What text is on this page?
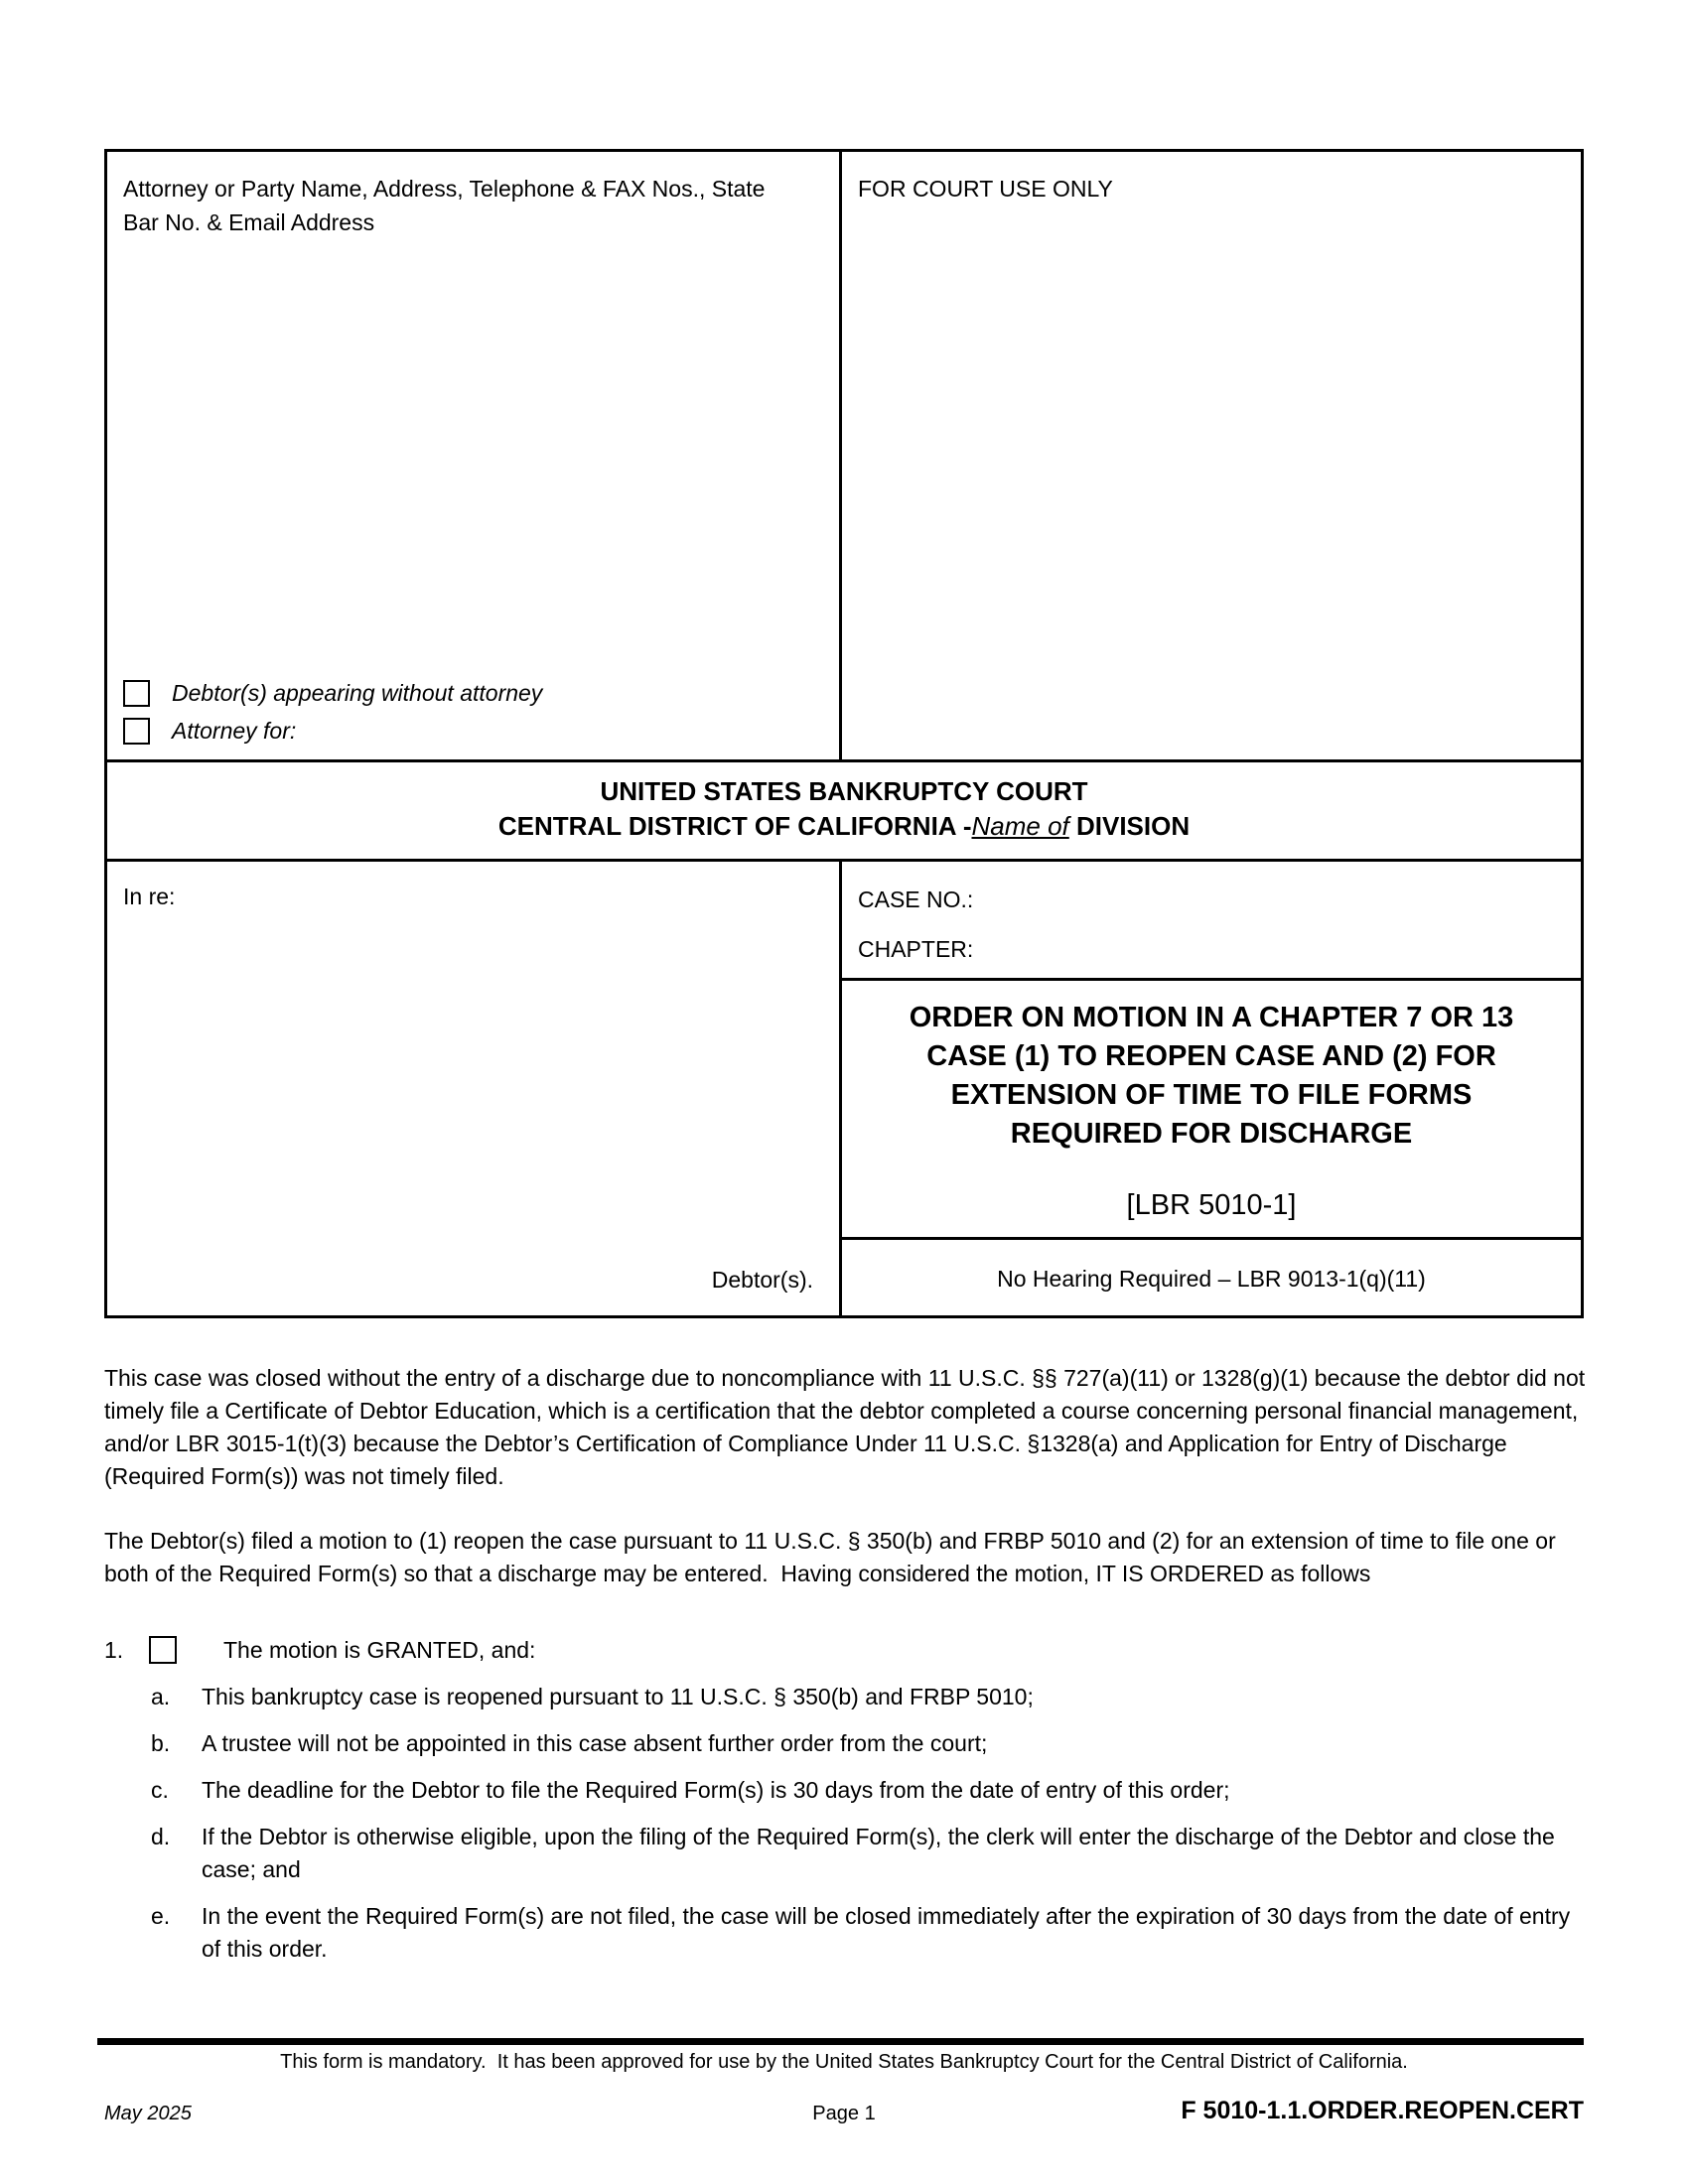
Attorney or Party Name, Address, Telephone & FAX Nos., State Bar No. & Email Address
Debtor(s) appearing without attorney
Attorney for:
FOR COURT USE ONLY
UNITED STATES BANKRUPTCY COURT
CENTRAL DISTRICT OF CALIFORNIA -Name of DIVISION
In re:
Debtor(s).
CASE NO.:
CHAPTER:
ORDER ON MOTION IN A CHAPTER 7 OR 13
CASE (1) TO REOPEN CASE AND (2) FOR
EXTENSION OF TIME TO FILE FORMS
REQUIRED FOR DISCHARGE
[LBR 5010-1]
No Hearing Required – LBR 9013-1(q)(11)
This case was closed without the entry of a discharge due to noncompliance with 11 U.S.C. §§ 727(a)(11) or 1328(g)(1) because the debtor did not timely file a Certificate of Debtor Education, which is a certification that the debtor completed a course concerning personal financial management, and/or LBR 3015-1(t)(3) because the Debtor’s Certification of Compliance Under 11 U.S.C. §1328(a) and Application for Entry of Discharge (Required Form(s)) was not timely filed.
The Debtor(s) filed a motion to (1) reopen the case pursuant to 11 U.S.C. § 350(b) and FRBP 5010 and (2) for an extension of time to file one or both of the Required Form(s) so that a discharge may be entered.  Having considered the motion, IT IS ORDERED as follows
1.	The motion is GRANTED, and:
a.	This bankruptcy case is reopened pursuant to 11 U.S.C. § 350(b) and FRBP 5010;
b.	A trustee will not be appointed in this case absent further order from the court;
c.	The deadline for the Debtor to file the Required Form(s) is 30 days from the date of entry of this order;
d.	If the Debtor is otherwise eligible, upon the filing of the Required Form(s), the clerk will enter the discharge of the Debtor and close the case; and
e.	In the event the Required Form(s) are not filed, the case will be closed immediately after the expiration of 30 days from the date of entry of this order.
This form is mandatory.  It has been approved for use by the United States Bankruptcy Court for the Central District of California.
May 2025	Page 1	F 5010-1.1.ORDER.REOPEN.CERT
